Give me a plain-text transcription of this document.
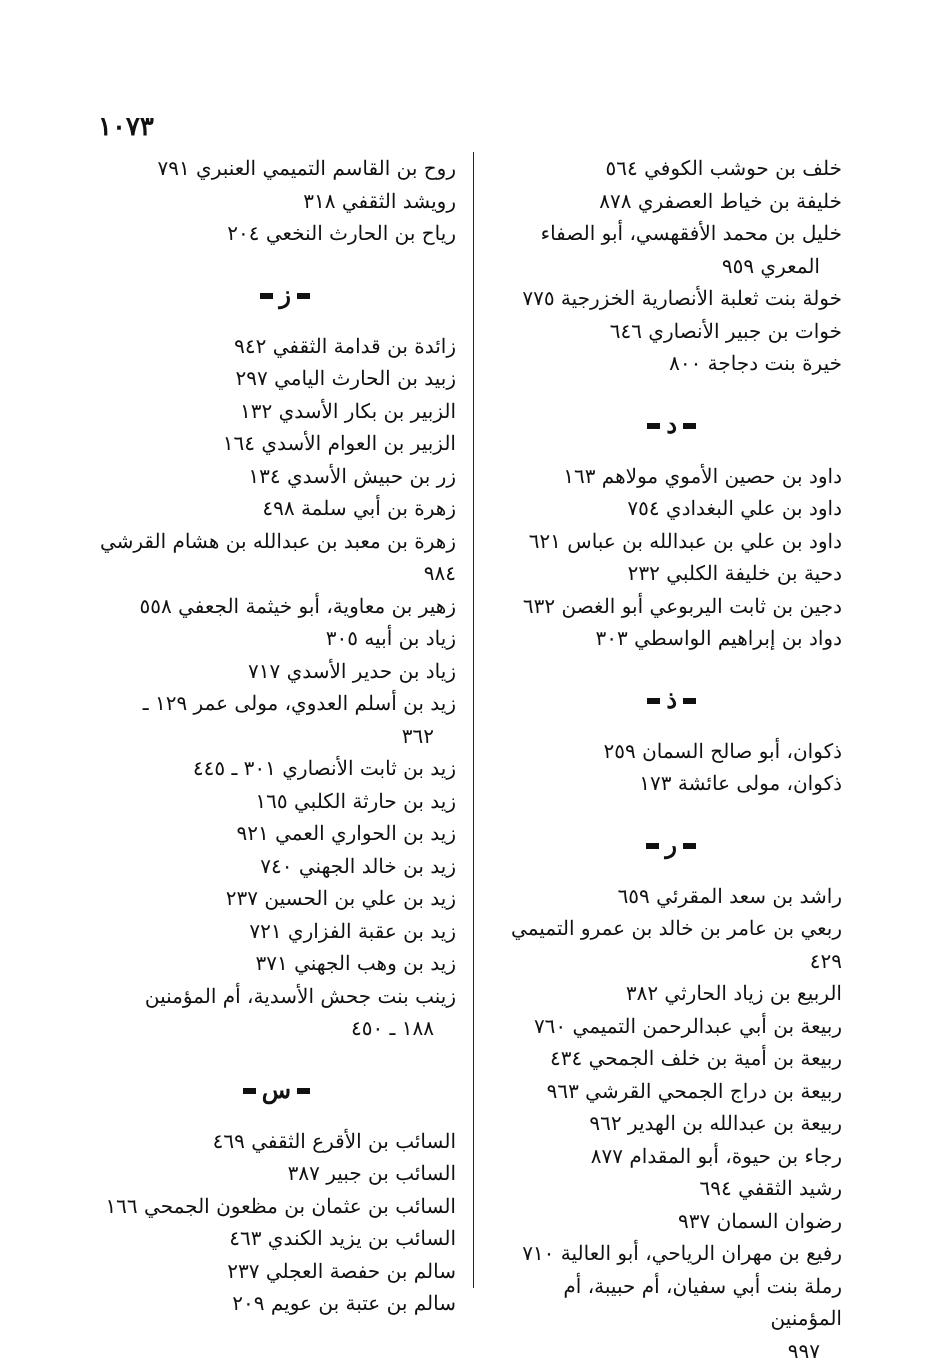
١٠٧٣
خلف بن حوشب الكوفي ٥٦٤
خليفة بن خياط العصفري ٨٧٨
خليل بن محمد الأفقهسي، أبو الصفاء
المعري ٩٥٩
خولة بنت ثعلبة الأنصارية الخزرجية ٧٧٥
خوات بن جبير الأنصاري ٦٤٦
خيرة بنت دجاجة ٨٠٠
د
داود بن حصين الأموي مولاهم ١٦٣
داود بن علي البغدادي ٧٥٤
داود بن علي بن عبدالله بن عباس ٦٢١
دحية بن خليفة الكلبي ٢٣٢
دجين بن ثابت اليربوعي أبو الغصن ٦٣٢
دواد بن إبراهيم الواسطي ٣٠٣
ذ
ذكوان، أبو صالح السمان ٢٥٩
ذكوان، مولى عائشة ١٧٣
ر
راشد بن سعد المقرئي ٦٥٩
ربعي بن عامر بن خالد بن عمرو التميمي ٤٢٩
الربيع بن زياد الحارثي ٣٨٢
ربيعة بن أبي عبدالرحمن التميمي ٧٦٠
ربيعة بن أمية بن خلف الجمحي ٤٣٤
ربيعة بن دراج الجمحي القرشي ٩٦٣
ربيعة بن عبدالله بن الهدير ٩٦٢
رجاء بن حيوة، أبو المقدام ٨٧٧
رشيد الثقفي ٦٩٤
رضوان السمان ٩٣٧
رفيع بن مهران الرياحي، أبو العالية ٧١٠
رملة بنت أبي سفيان، أم حبيبة، أم المؤمنين
٩٩٧
روح بن القاسم التميمي العنبري ٧٩١
رويشد الثقفي ٣١٨
رياح بن الحارث النخعي ٢٠٤
ز
زائدة بن قدامة الثقفي ٩٤٢
زبيد بن الحارث اليامي ٢٩٧
الزبير بن بكار الأسدي ١٣٢
الزبير بن العوام الأسدي ١٦٤
زر بن حبيش الأسدي ١٣٤
زهرة بن أبي سلمة ٤٩٨
زهرة بن معبد بن عبدالله بن هشام القرشي ٩٨٤
زهير بن معاوية، أبو خيثمة الجعفي ٥٥٨
زياد بن أبيه ٣٠٥
زياد بن حدير الأسدي ٧١٧
زيد بن أسلم العدوي، مولى عمر ١٢٩ ـ
٣٦٢
زيد بن ثابت الأنصاري ٣٠١ ـ ٤٤٥
زيد بن حارثة الكلبي ١٦٥
زيد بن الحواري العمي ٩٢١
زيد بن خالد الجهني ٧٤٠
زيد بن علي بن الحسين ٢٣٧
زيد بن عقبة الفزاري ٧٢١
زيد بن وهب الجهني ٣٧١
زينب بنت جحش الأسدية، أم المؤمنين
١٨٨ ـ ٤٥٠
س
السائب بن الأقرع الثقفي ٤٦٩
السائب بن جبير ٣٨٧
السائب بن عثمان بن مظعون الجمحي ١٦٦
السائب بن يزيد الكندي ٤٦٣
سالم بن حفصة العجلي ٢٣٧
سالم بن عتبة بن عويم ٢٠٩
